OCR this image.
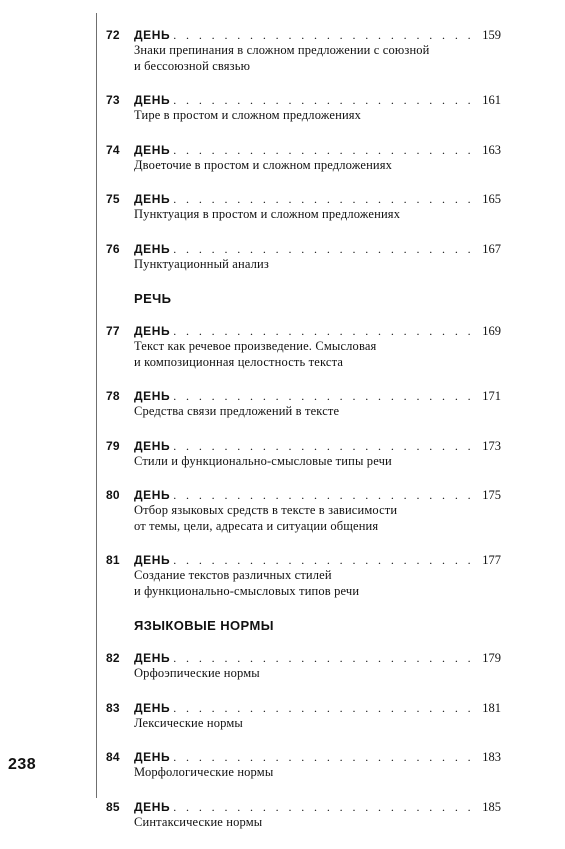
72	ДЕНЬ . . .	159
Знаки препинания в сложном предложении с союзной
и бессоюзной связью
73	ДЕНЬ . . .	161
Тире в простом и сложном предложениях
74	ДЕНЬ . . .	163
Двоеточие в простом и сложном предложениях
75	ДЕНЬ . . .	165
Пунктуация в простом и сложном предложениях
76	ДЕНЬ . . .	167
Пунктуационный анализ
РЕЧЬ
77	ДЕНЬ . . .	169
Текст как речевое произведение. Смысловая
и композиционная целостность текста
78	ДЕНЬ . . .	171
Средства связи предложений в тексте
79	ДЕНЬ . . .	173
Стили и функционально-смысловые типы речи
80	ДЕНЬ . . .	175
Отбор языковых средств в тексте в зависимости
от темы, цели, адресата и ситуации общения
81	ДЕНЬ . . .	177
Создание текстов различных стилей
и функционально-смысловых типов речи
ЯЗЫКОВЫЕ НОРМЫ
82	ДЕНЬ . . .	179
Орфоэпические нормы
83	ДЕНЬ . . .	181
Лексические нормы
84	ДЕНЬ . . .	183
Морфологические нормы
85	ДЕНЬ . . .	185
Синтаксические нормы
238
